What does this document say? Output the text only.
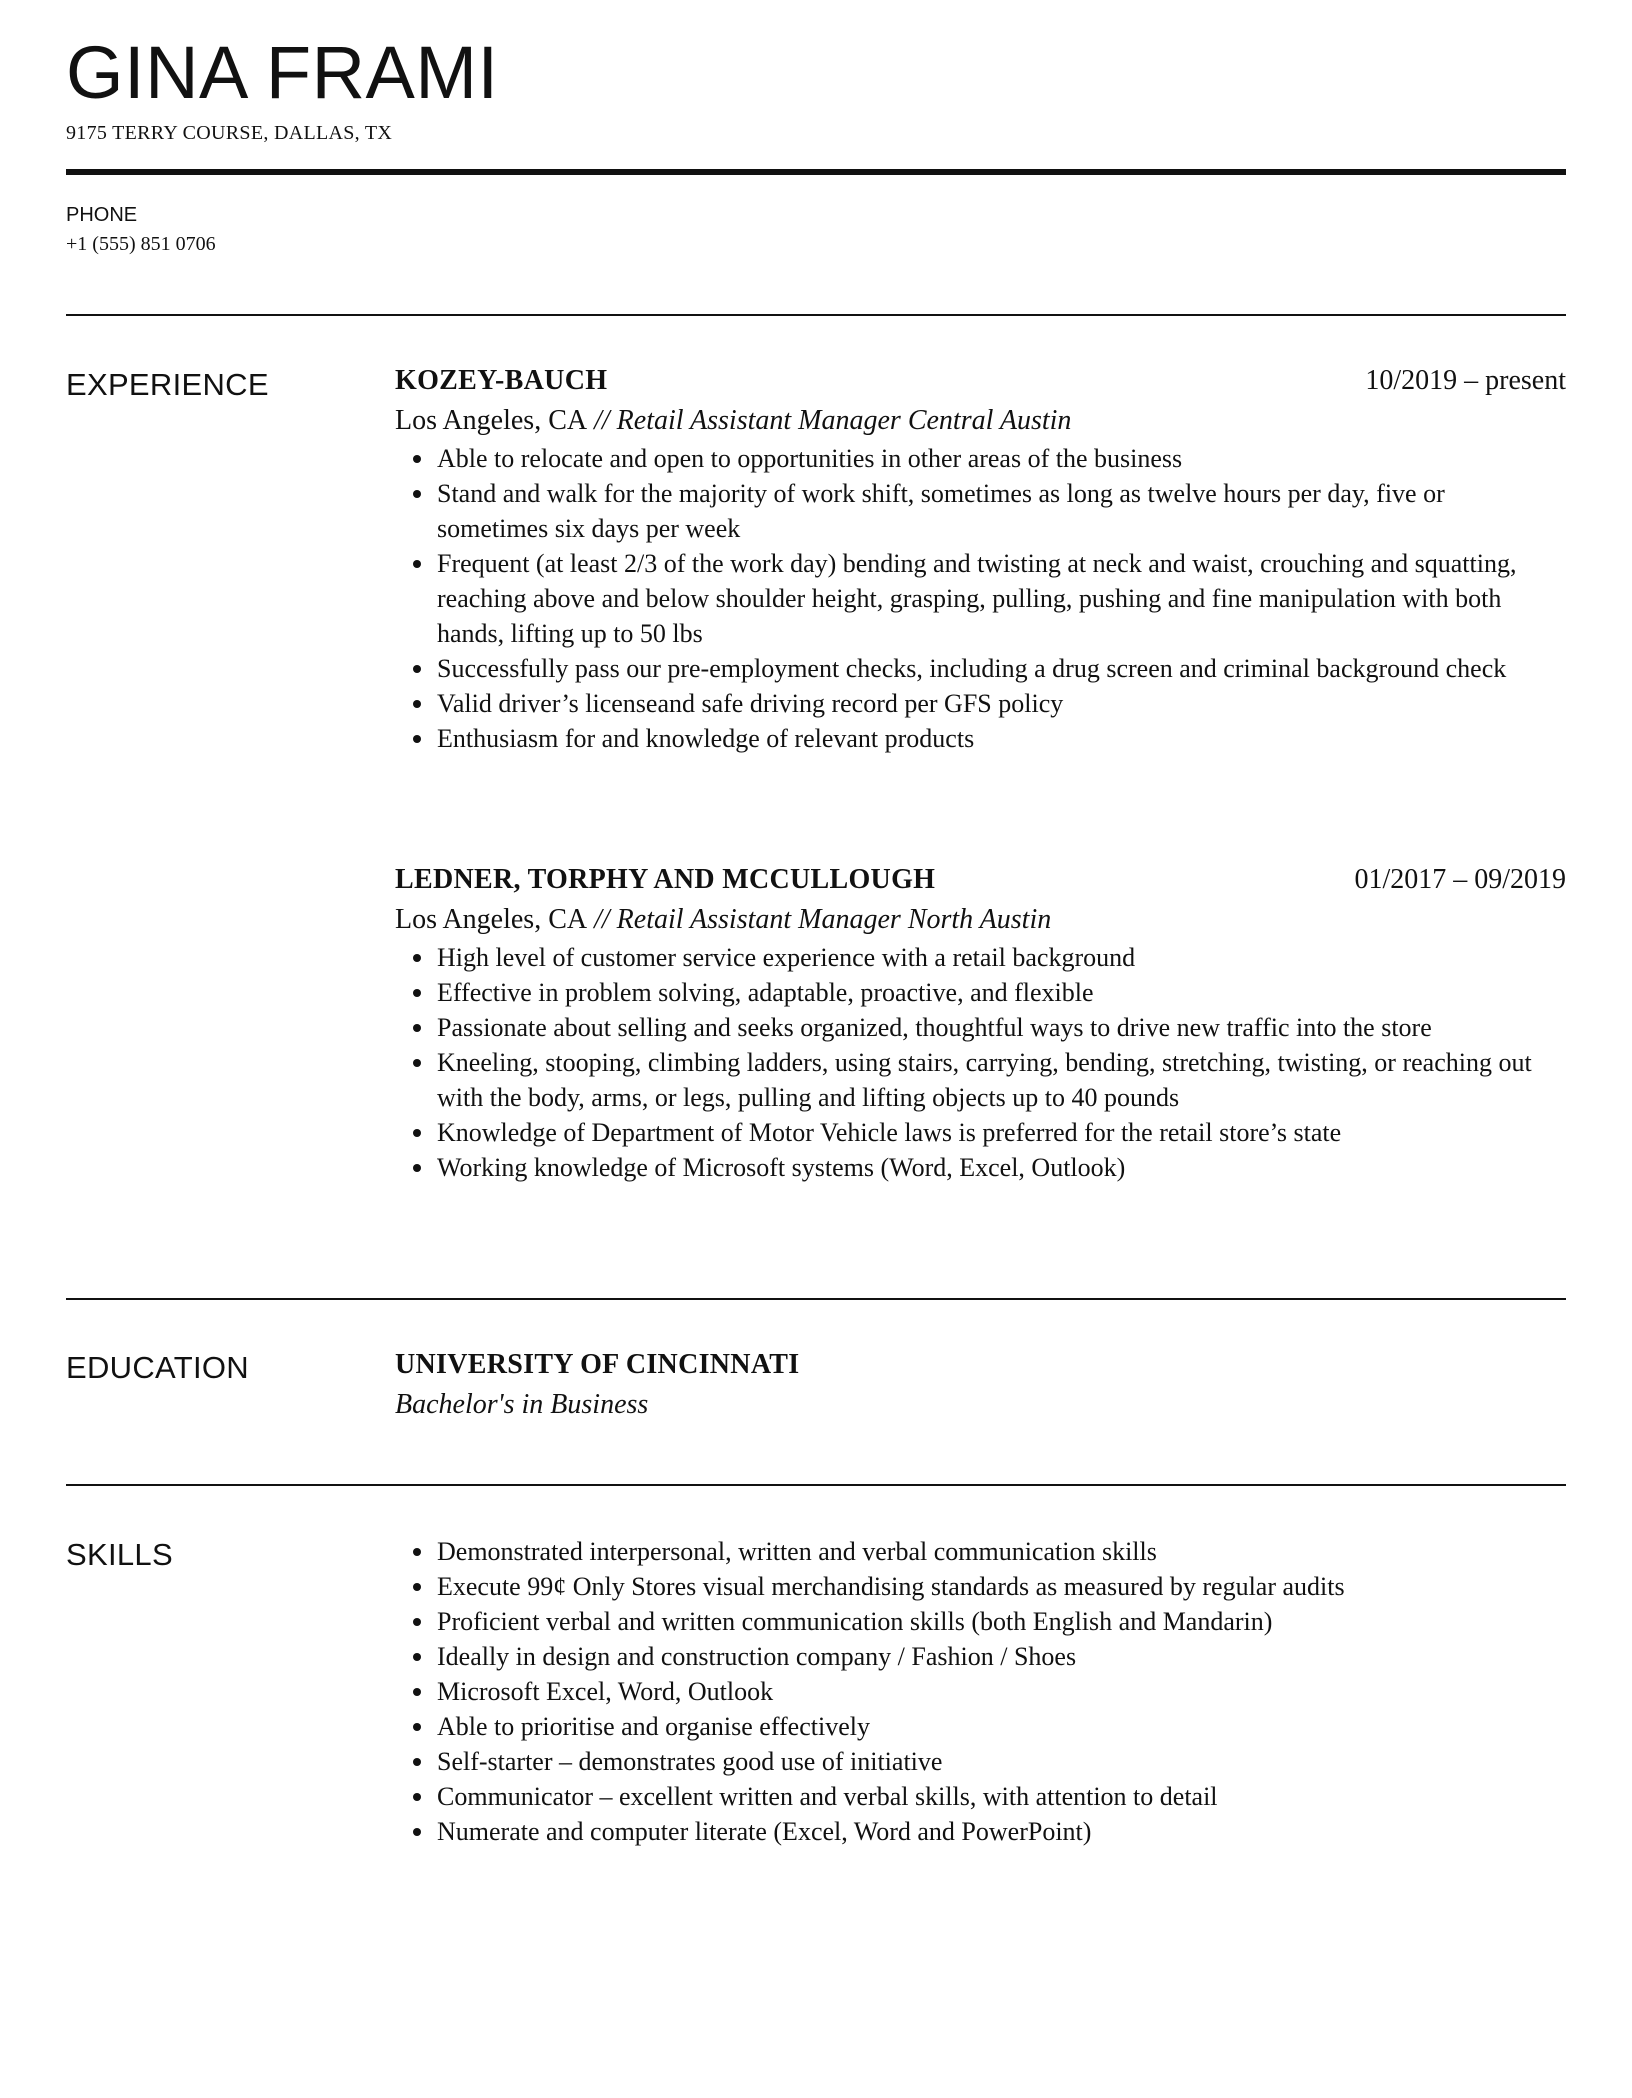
GINA FRAMI
9175 TERRY COURSE, DALLAS, TX
PHONE
+1 (555) 851 0706
EXPERIENCE	KOZEY-BAUCH	10/2019 – present
Los Angeles, CA // Retail Assistant Manager Central Austin
Able to relocate and open to opportunities in other areas of the business
Stand and walk for the majority of work shift, sometimes as long as twelve hours per day, five or sometimes six days per week
Frequent (at least 2/3 of the work day) bending and twisting at neck and waist, crouching and squatting, reaching above and below shoulder height, grasping, pulling, pushing and fine manipulation with both hands, lifting up to 50 lbs
Successfully pass our pre-employment checks, including a drug screen and criminal background check
Valid driver’s licenseand safe driving record per GFS policy
Enthusiasm for and knowledge of relevant products
LEDNER, TORPHY AND MCCULLOUGH	01/2017 – 09/2019
Los Angeles, CA // Retail Assistant Manager North Austin
High level of customer service experience with a retail background
Effective in problem solving, adaptable, proactive, and flexible
Passionate about selling and seeks organized, thoughtful ways to drive new traffic into the store
Kneeling, stooping, climbing ladders, using stairs, carrying, bending, stretching, twisting, or reaching out with the body, arms, or legs, pulling and lifting objects up to 40 pounds
Knowledge of Department of Motor Vehicle laws is preferred for the retail store’s state
Working knowledge of Microsoft systems (Word, Excel, Outlook)
EDUCATION	UNIVERSITY OF CINCINNATI
Bachelor's in Business
SKILLS	Demonstrated interpersonal, written and verbal communication skills
Execute 99¢ Only Stores visual merchandising standards as measured by regular audits
Proficient verbal and written communication skills (both English and Mandarin)
Ideally in design and construction company / Fashion / Shoes
Microsoft Excel, Word, Outlook
Able to prioritise and organise effectively
Self-starter – demonstrates good use of initiative
Communicator – excellent written and verbal skills, with attention to detail
Numerate and computer literate (Excel, Word and PowerPoint)
